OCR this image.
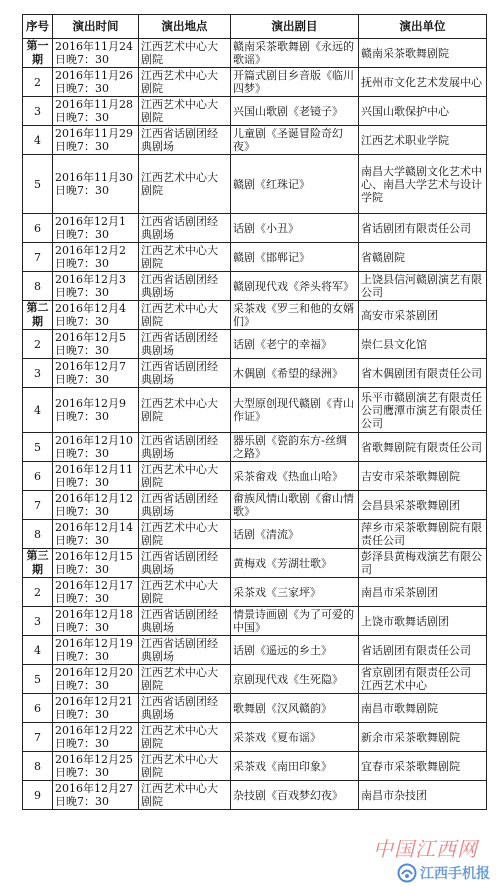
序号	演出时间	演出地点	演出剧目	演出单位
第一期	2016年11月24日晚7：30	江西艺术中心大剧院	赣南采茶歌舞剧《永远的歌谣》	赣南采茶歌舞剧院
2	2016年11月26日晚7：30	江西艺术中心大剧院	开篇式剧目乡音版《临川四梦》	抚州市文化艺术发展中心
3	2016年11月28日晚7：30	江西艺术中心大剧院	兴国山歌剧《老镜子》	兴国山歌保护中心
4	2016年11月29日晚7：30	江西省话剧团经典剧场	儿童剧《圣诞冒险奇幻夜》	江西艺术职业学院
5	2016年11月30日晚7：30	江西艺术中心大剧院	赣剧《红珠记》	南昌大学赣剧文化艺术中心、南昌大学艺术与设计学院
6	2016年12月1日晚7：30	江西省话剧团经典剧场	话剧《小丑》	省话剧团有限责任公司
7	2016年12月2日晚7：30	江西艺术中心大剧院	赣剧《邯郸记》	省赣剧院
8	2016年12月3日晚7：30	江西省话剧团经典剧场	赣剧现代戏《斧头将军》	上饶县信河赣剧演艺有限公司
第二期	2016年12月4日晚7：30	江西艺术中心大剧院	采茶戏《罗三和他的女婿们》	高安市采茶剧团
2	2016年12月5日晚7：30	江西省话剧团经典剧场	话剧《老宁的幸福》	崇仁县文化馆
3	2016年12月7日晚7：30	江西省话剧团经典剧场	木偶剧《希望的绿洲》	省木偶剧团有限责任公司
4	2016年12月9日晚7：30	江西艺术中心大剧院	大型原创现代赣剧《青山作证》	乐平市赣剧演艺有限责任公司鹰潭市演艺有限责任公司
5	2016年12月10日晚7：30	江西省话剧团经典剧场	器乐剧《瓷韵东方-丝绸之路》	省歌舞剧院有限责任公司
6	2016年12月11日晚7：30	江西艺术中心大剧院	采茶畲戏《热血山哈》	吉安市采茶歌舞剧院
7	2016年12月12日晚7：30	江西省话剧团经典剧场	畲族风情山歌剧《畲山情歌》	会昌县采茶歌舞剧团
8	2016年12月14日晚7：30	江西艺术中心大剧院	话剧《清流》	萍乡市采茶歌舞剧院有限责任公司
第三期	2016年12月15日晚7：30	江西省话剧团经典剧场	黄梅戏《芳湖壮歌》	彭泽县黄梅戏演艺有限公司
2	2016年12月17日晚7：30	江西艺术中心大剧院	采茶戏《三家坪》	南昌市采茶剧团
3	2016年12月18日晚7：30	江西省话剧团经典剧场	情景诗画剧《为了可爱的中国》	上饶市歌舞话剧团
4	2016年12月19日晚7：30	江西省话剧团经典剧场	话剧《遥远的乡土》	省话剧团有限责任公司
5	2016年12月20日晚7：30	江西艺术中心大剧院	京剧现代戏《生死隐》	省京剧团有限责任公司 江西艺术中心
6	2016年12月21日晚7：30	江西省话剧团经典剧场	歌舞剧《汉风赣韵》	南昌市歌舞剧院
7	2016年12月22日晚7：30	江西艺术中心大剧院	采茶戏《夏布谣》	新余市采茶歌舞剧院
8	2016年12月25日晚7：30	江西艺术中心大剧院	采茶戏《南田印象》	宜春市采茶歌舞剧院
9	2016年12月27日晚7：30	江西艺术中心大剧院	杂技剧《百戏梦幻夜》	南昌市杂技团
中国江西网
江西手机报
